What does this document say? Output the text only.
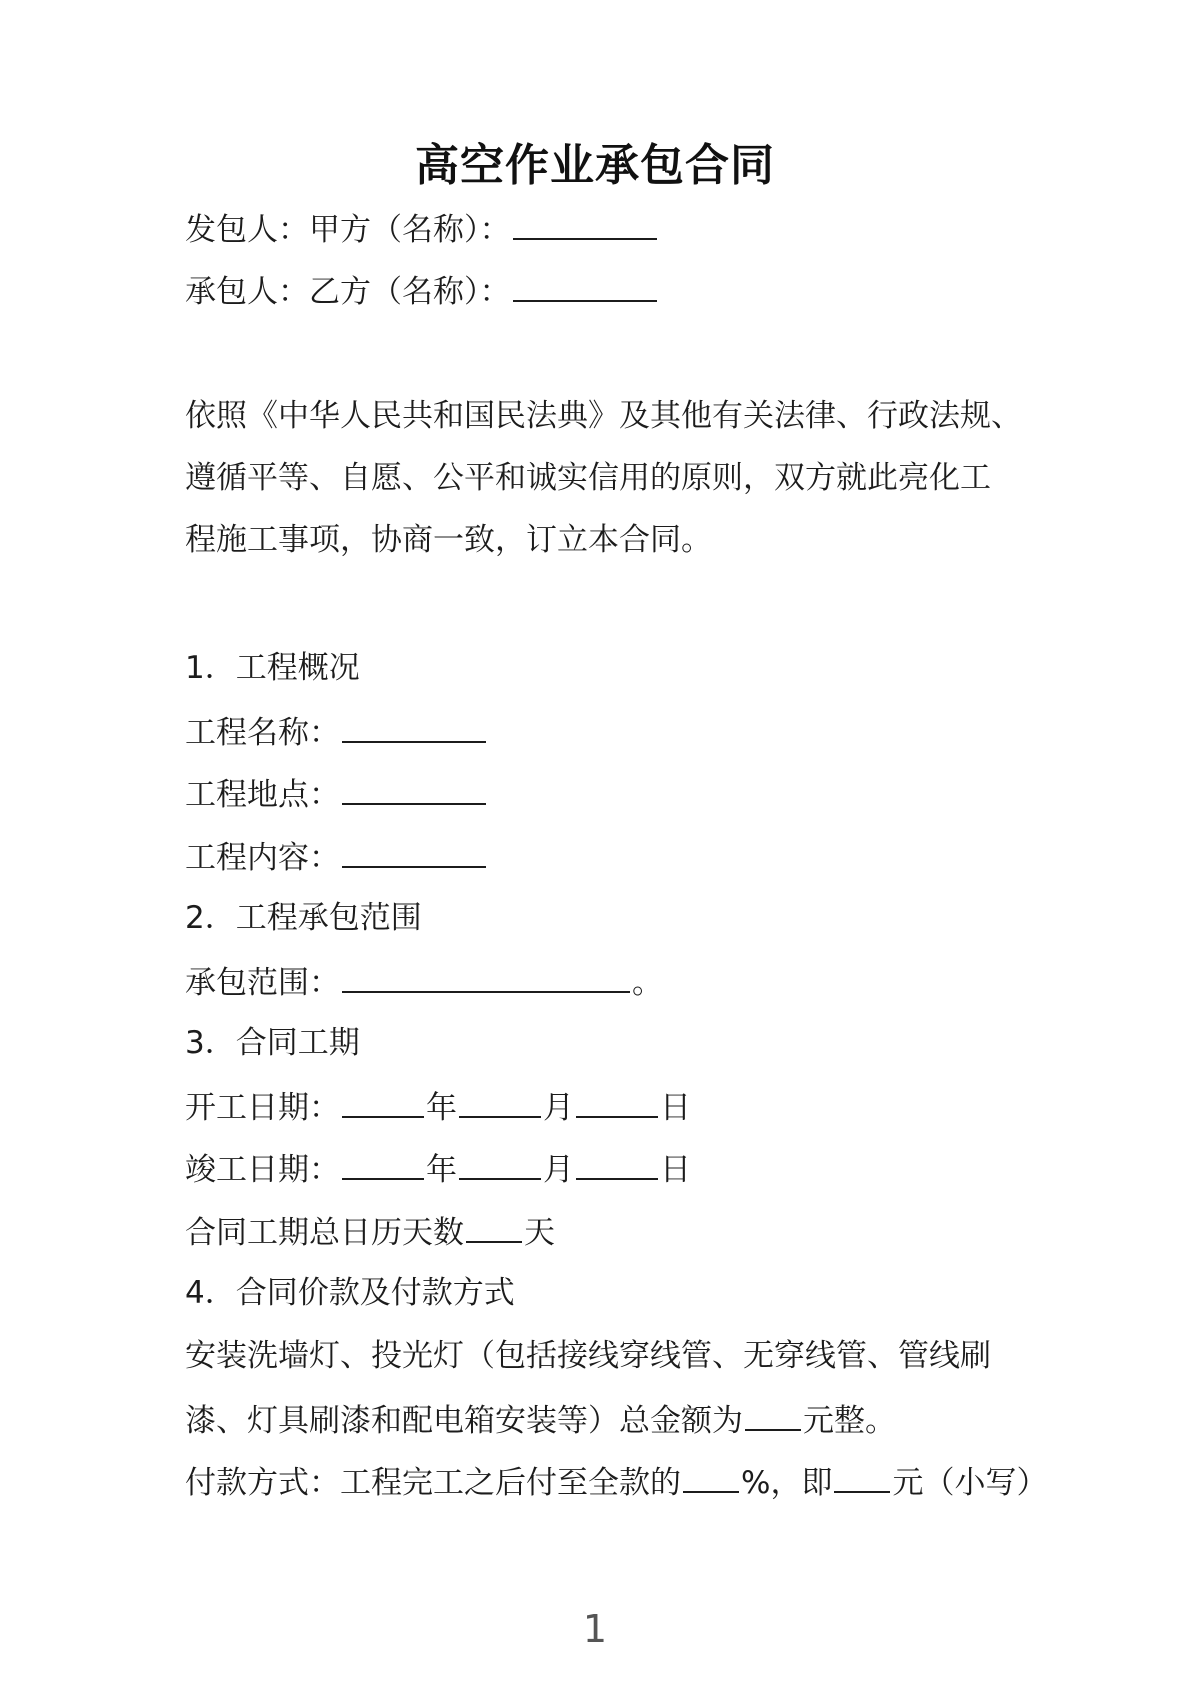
高空作业承包合同
发包人：甲方（名称）：
承包人：乙方（名称）：
依照《中华人民共和国民法典》及其他有关法律、行政法规、
遵循平等、自愿、公平和诚实信用的原则，双方就此亮化工
程施工事项，协商一致，订立本合同。
1．工程概况
工程名称：
工程地点：
工程内容：
2．工程承包范围
承包范围：	。
3．合同工期
开工日期：	年	月	日
竣工日期：	年	月	日
合同工期总日历天数 天
4．合同价款及付款方式
安装洗墙灯、投光灯（包括接线穿线管、无穿线管、管线刷
漆、灯具刷漆和配电箱安装等）总金额为 元整。
付款方式：工程完工之后付至全款的 %，即 元（小写）
1
